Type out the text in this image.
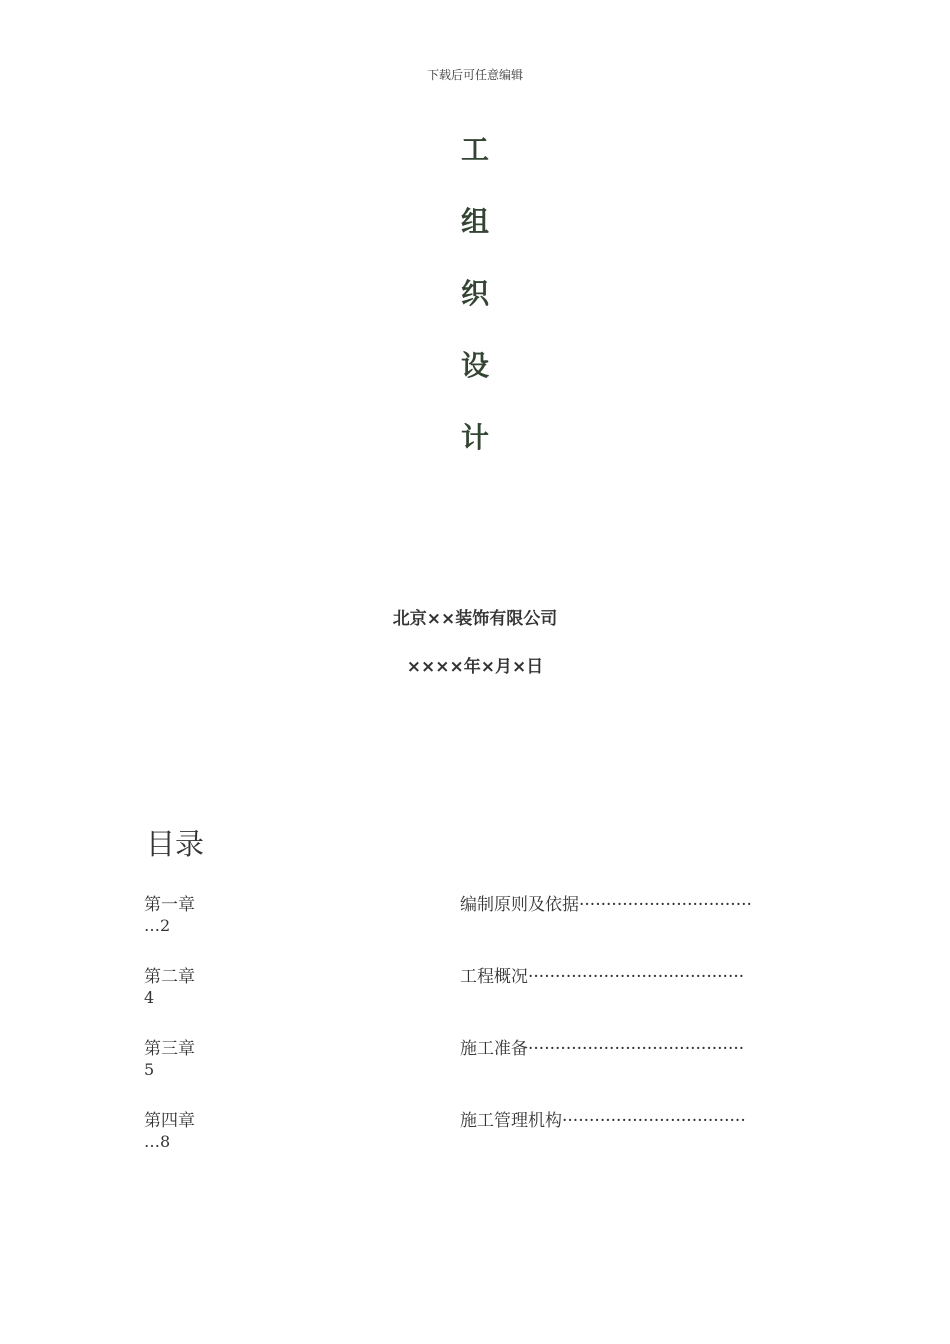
下载后可任意编辑
工
组
织
设
计
北京××装饰有限公司
××××年×月×日
目录
第一章	编制原则及依据································
…2
第二章	工程概况········································
4
第三章	施工准备········································
5
第四章	施工管理机构··································
…8
